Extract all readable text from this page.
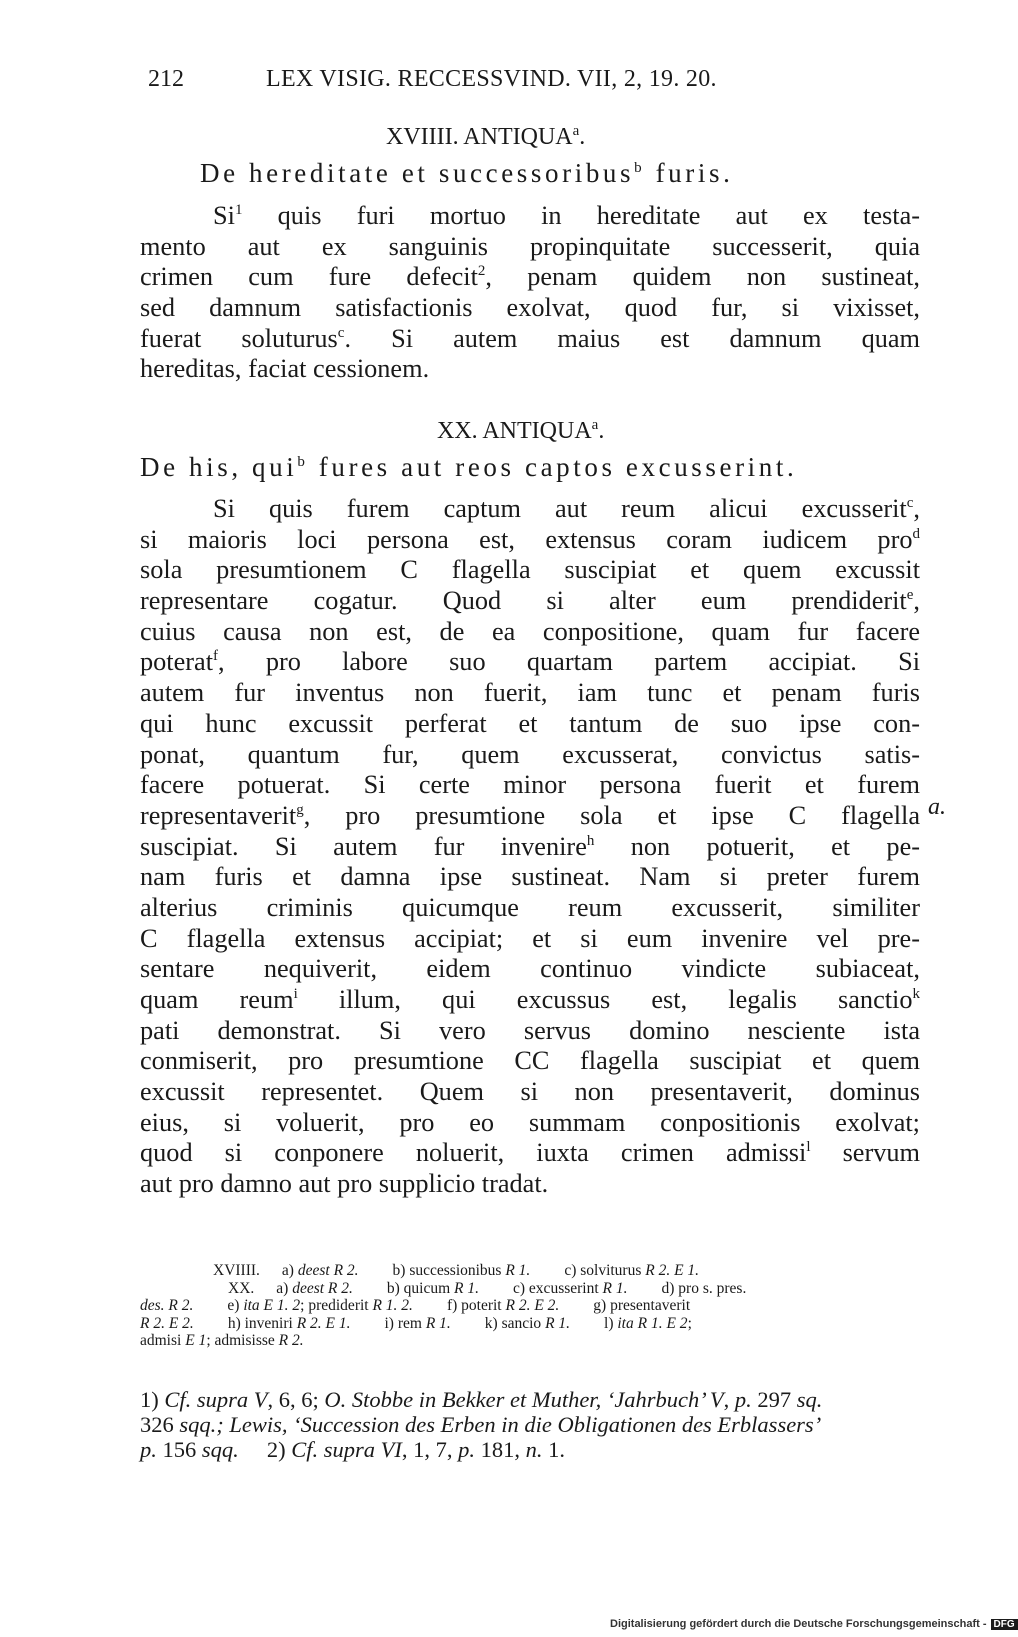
212	LEX VISIG. RECCESSVIND. VII, 2, 19. 20.
XVIIII. ANTIQUA$^a$.
De hereditate et successoribus$^b$ furis.
Si$^1$ quis furi mortuo in hereditate aut ex testa-
mento aut ex sanguinis propinquitate successerit, quia
crimen cum fure defecit$^2$, penam quidem non sustineat,
sed damnum satisfactionis exolvat, quod fur, si vixisset,
fuerat soluturus$^c$. Si autem maius est damnum quam
hereditas, faciat cessionem.
XX. ANTIQUA$^a$.
De his, qui$^b$ fures aut reos captos excusserint.
Si quis furem captum aut reum alicui excusserit$^c$,
si maioris loci persona est, extensus coram iudicem pro$^d$
sola presumtionem C flagella suscipiat et quem excussit
representare cogatur. Quod si alter eum prendiderit$^e$,
cuius causa non est, de ea conpositione, quam fur facere
poterat$^f$, pro labore suo quartam partem accipiat. Si
autem fur inventus non fuerit, iam tunc et penam furis
qui hunc excussit perferat et tantum de suo ipse con-
ponat, quantum fur, quem excusserat, convictus satis-
facere potuerat. Si certe minor persona fuerit et furem
representaverit$^g$, pro presumtione sola et ipse C flagella
suscipiat. Si autem fur invenire$^h$ non potuerit, et pe-
nam furis et damna ipse sustineat. Nam si preter furem
alterius criminis quicumque reum excusserit, similiter
C flagella extensus accipiat; et si eum invenire vel pre-
sentare nequiverit, eidem continuo vindicte subiaceat,
quam reum$^i$ illum, qui excussus est, legalis sanctio$^k$
pati demonstrat. Si vero servus domino nesciente ista
conmiserit, pro presumtione CC flagella suscipiat et quem
excussit representet. Quem si non presentaverit, dominus
eius, si voluerit, pro eo summam conpositionis exolvat;
quod si conponere noluerit, iuxta crimen admissi$^l$ servum
aut pro damno aut pro supplicio tradat.
a.
XVIIII. a) deest R 2. b) successionibus R 1. c) solviturus R 2. E 1.
XX. a) deest R 2. b) quicum R 1. c) excusserint R 1. d) pro s. pres.
des. R 2. e) ita E 1. 2; prediderit R 1. 2. f) poterit R 2. E 2. g) presentaverit
R 2. E 2. h) inveniri R 2. E 1. i) rem R 1. k) sancio R 1. l) ita R 1. E 2;
admisi E 1; admisisse R 2.
1) Cf. supra V, 6, 6; O. Stobbe in Bekker et Muther, ‘Jahrbuch’ V, p. 297 sq.
326 sqq.; Lewis, ‘Succession des Erben in die Obligationen des Erblassers’
p. 156 sqq.     2) Cf. supra VI, 1, 7, p. 181, n. 1.
Digitalisierung gefördert durch die Deutsche Forschungsgemeinschaft - DFG
